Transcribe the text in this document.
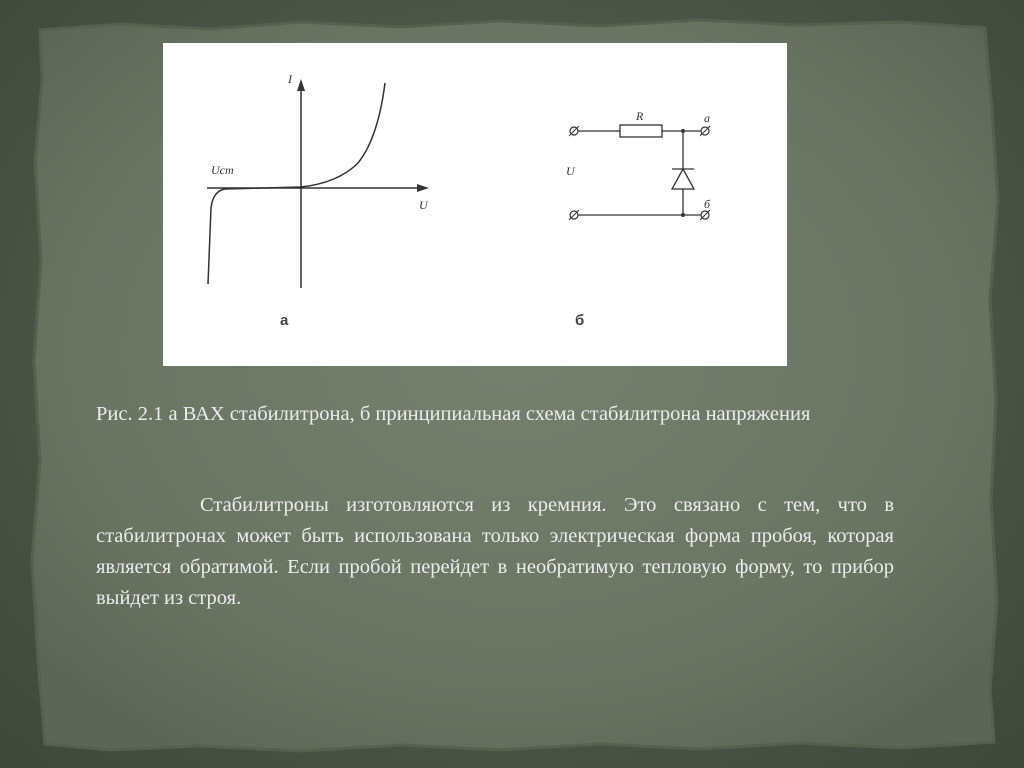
I
U
Uст
а
R	а
б
U
б

Рис. 2.1 а ВАХ стабилитрона, б принципиальная схема стабилитрона напряжения

Стабилитроны изготовляются из кремния. Это связано с тем, что в стабилитронах может быть использована только электрическая форма пробоя, которая является обратимой. Если пробой перейдет в необратимую тепловую форму, то прибор выйдет из строя.
